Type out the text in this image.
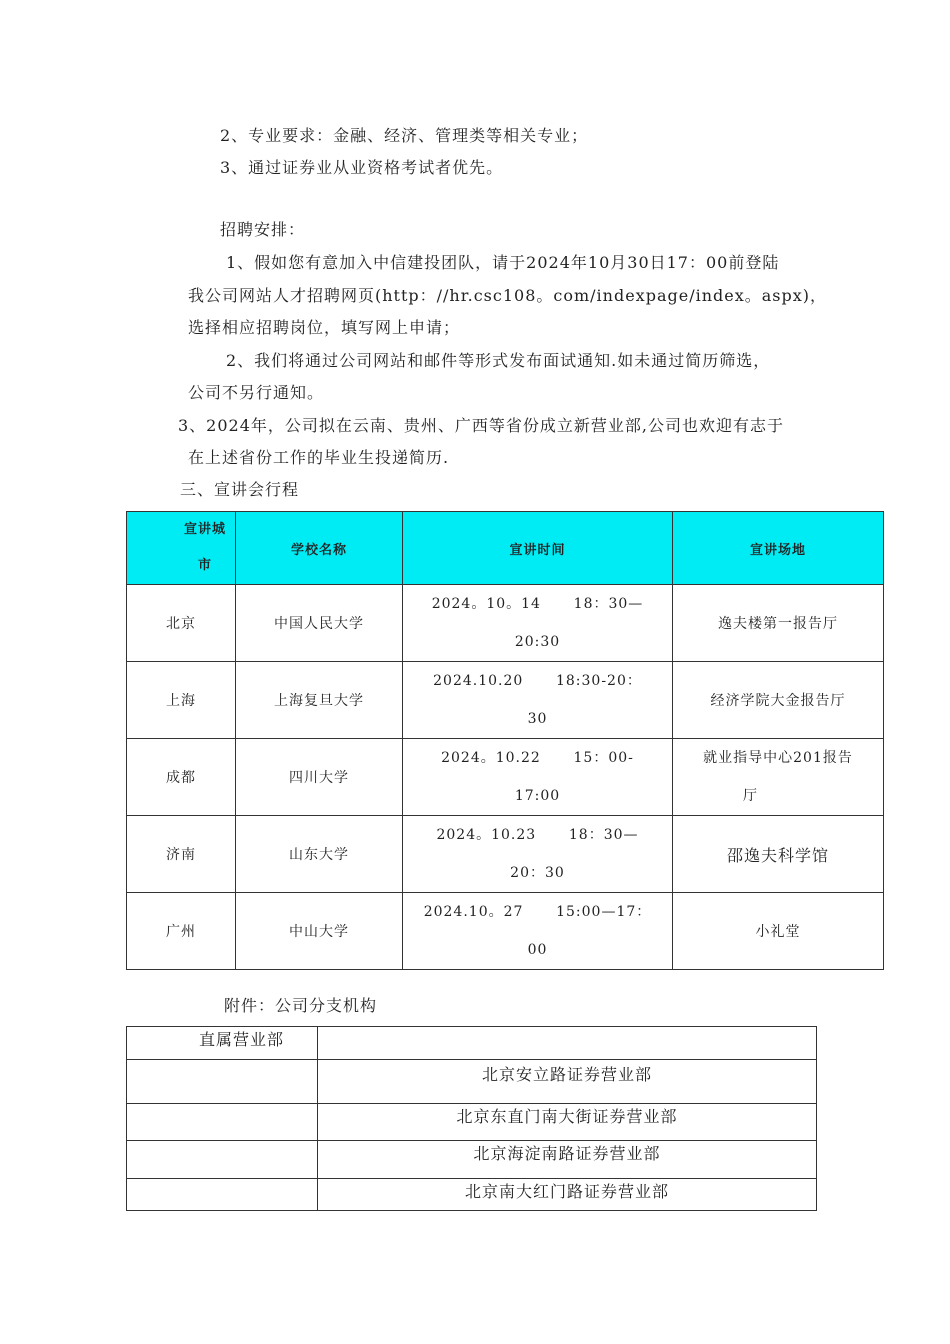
2、专业要求：金融、经济、管理类等相关专业；
3、通过证券业从业资格考试者优先。
招聘安排：
1、假如您有意加入中信建投团队，请于2024年10月30日17：00前登陆
我公司网站人才招聘网页(http：//hr.csc108。com/indexpage/index。aspx)，
选择相应招聘岗位，填写网上申请；
2、我们将通过公司网站和邮件等形式发布面试通知.如未通过简历筛选，
公司不另行通知。
3、2024年，公司拟在云南、贵州、广西等省份成立新营业部,公司也欢迎有志于
在上述省份工作的毕业生投递简历.
三、宣讲会行程
宣讲城
市	学校名称	宣讲时间	宣讲场地
北京	中国人民大学	2024。10。14      18：30—
20:30	逸夫楼第一报告厅
上海	上海复旦大学	2024.10.20      18:30-20：
30	经济学院大金报告厅
成都	四川大学	2024。10.22      15：00-
17:00	就业指导中心201报告
厅

济南	山东大学	2024。10.23      18：30—
20：30	邵逸夫科学馆
广州	中山大学	2024.10。27      15:00—17：
00	小礼堂
附件：公司分支机构
直属营业部	
	北京安立路证券营业部
	北京东直门南大街证券营业部
	北京海淀南路证券营业部
	北京南大红门路证券营业部
